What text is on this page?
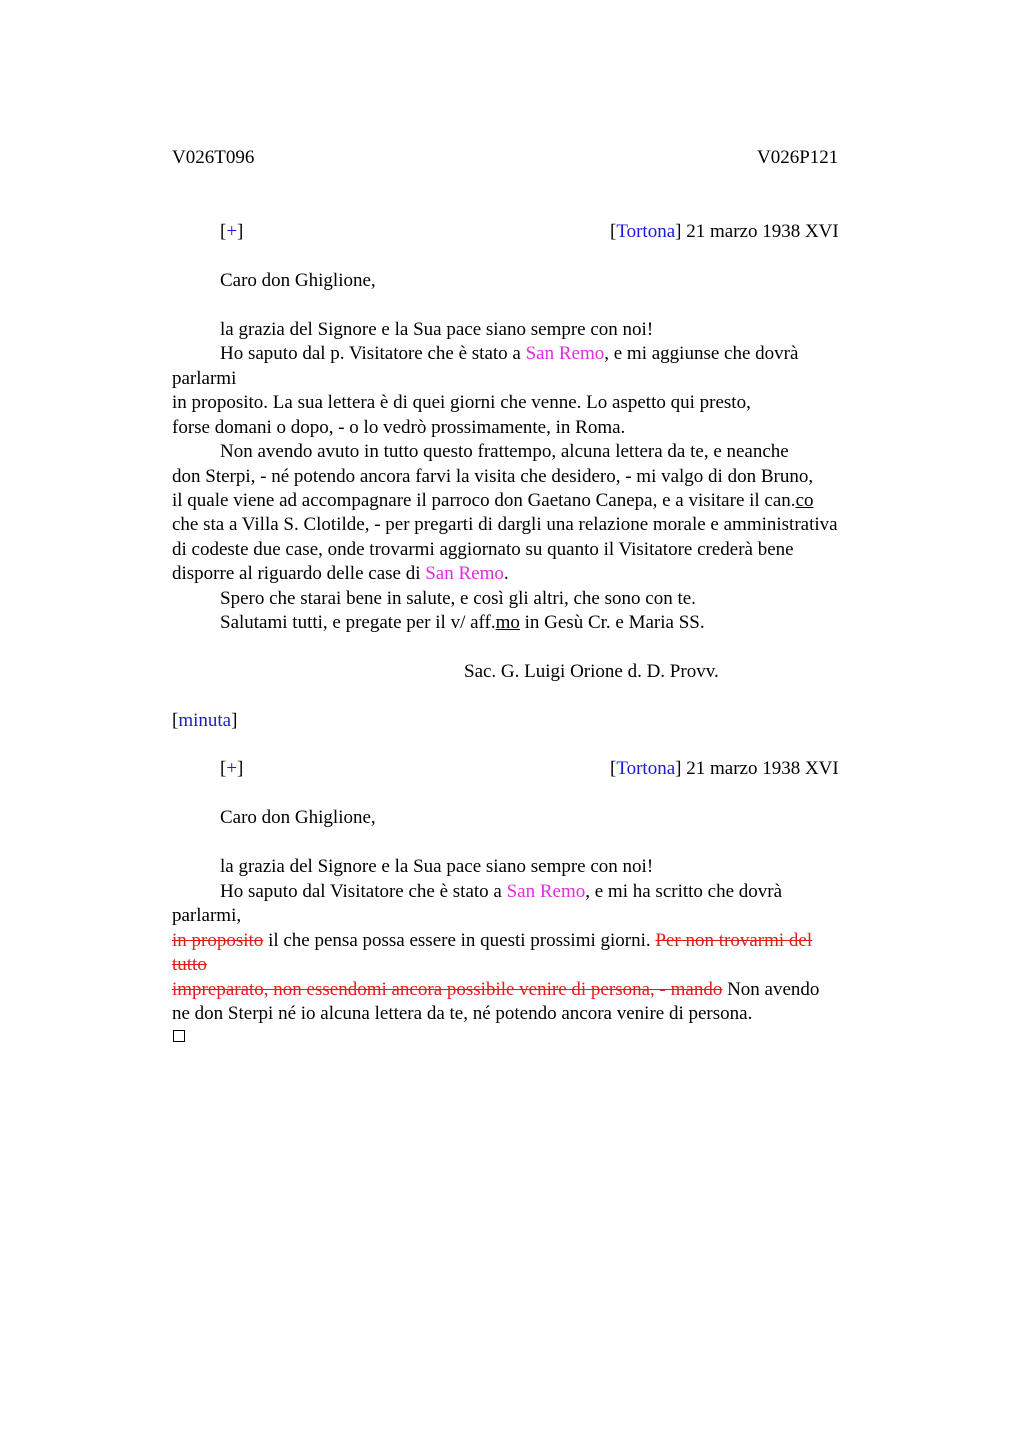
V026T096	V026P121
[+]	[Tortona] 21 marzo 1938 XVI
Caro don Ghiglione,
la grazia del Signore e la Sua pace siano sempre con noi!
Ho saputo dal p. Visitatore che è stato a San Remo, e mi aggiunse che dovrà
parlarmi
in proposito. La sua lettera è di quei giorni che venne. Lo aspetto qui presto,
forse domani o dopo, - o lo vedrò prossimamente, in Roma.
Non avendo avuto in tutto questo frattempo, alcuna lettera da te, e neanche
don Sterpi, - né potendo ancora farvi la visita che desidero, - mi valgo di don Bruno,
il quale viene ad accompagnare il parroco don Gaetano Canepa, e a visitare il can.co
che sta a Villa S. Clotilde, - per pregarti di dargli una relazione morale e amministrativa
di codeste due case, onde trovarmi aggiornato su quanto il Visitatore crederà bene
disporre al riguardo delle case di San Remo.
Spero che starai bene in salute, e così gli altri, che sono con te.
Salutami tutti, e pregate per il v/ aff.mo in Gesù Cr. e Maria SS.
Sac. G. Luigi Orione d. D. Provv.
[minuta]
[+]	[Tortona] 21 marzo 1938 XVI
Caro don Ghiglione,
la grazia del Signore e la Sua pace siano sempre con noi!
Ho saputo dal Visitatore che è stato a San Remo, e mi ha scritto che dovrà
parlarmi,
in proposito il che pensa possa essere in questi prossimi giorni. Per non trovarmi del
tutto
impreparato, non essendomi ancora possibile venire di persona, - mando Non avendo
ne don Sterpi né io alcuna lettera da te, né potendo ancora venire di persona.
